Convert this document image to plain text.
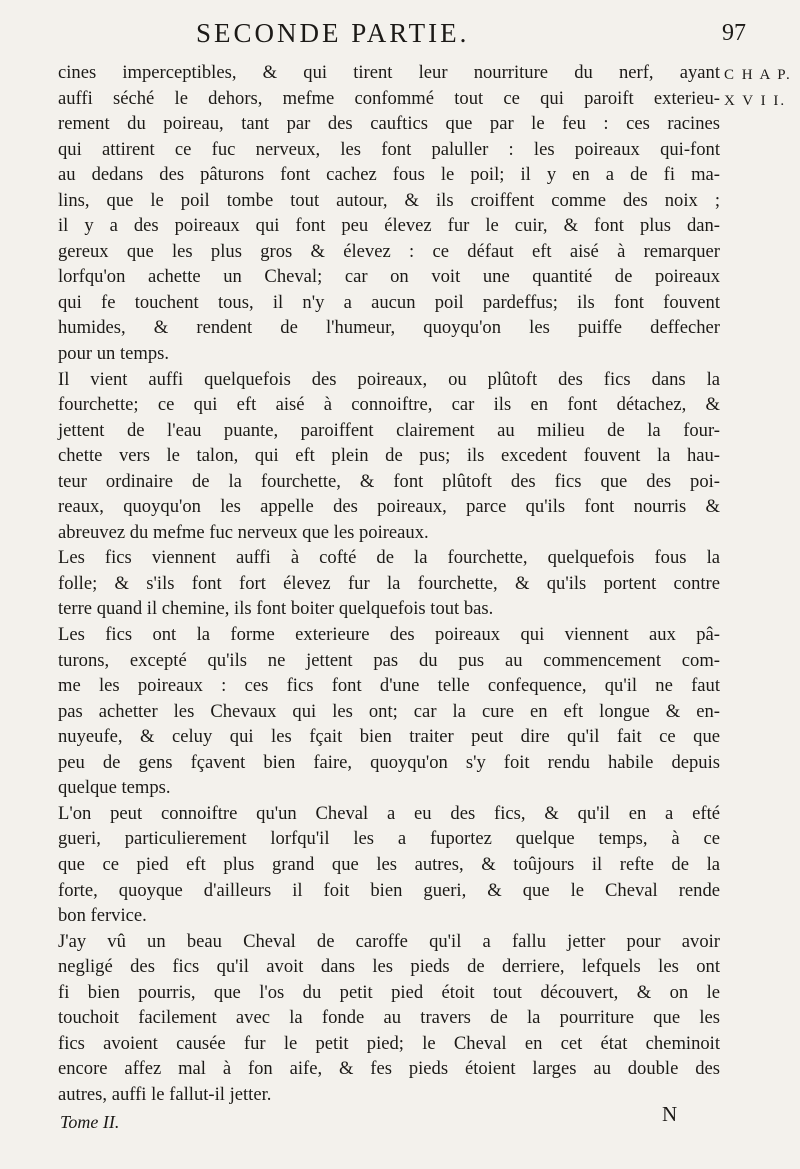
SECONDE PARTIE.	97
C H A P.
X V I I.
cines imperceptibles, & qui tirent leur nourriture du nerf, ayant
auffi séché le dehors, mefme confommé tout ce qui paroift exterieu-
rement du poireau, tant par des cauftics que par le feu : ces racines
qui attirent ce fuc nerveux, les font paluller : les poireaux qui-font
au dedans des pâturons font cachez fous le poil; il y en a de fi ma-
lins, que le poil tombe tout autour, & ils croiffent comme des noix ;
il y a des poireaux qui font peu élevez fur le cuir, & font plus dan-
gereux que les plus gros & élevez : ce défaut eft aisé à remarquer
lorfqu'on achette un Cheval; car on voit une quantité de poireaux
qui fe touchent tous, il n'y a aucun poil pardeffus; ils font fouvent
humides, & rendent de l'humeur, quoyqu'on les puiffe deffecher
pour un temps.
Il vient auffi quelquefois des poireaux, ou plûtoft des fics dans la
fourchette; ce qui eft aisé à connoiftre, car ils en font détachez, &
jettent de l'eau puante, paroiffent clairement au milieu de la four-
chette vers le talon, qui eft plein de pus; ils excedent fouvent la hau-
teur ordinaire de la fourchette, & font plûtoft des fics que des poi-
reaux, quoyqu'on les appelle des poireaux, parce qu'ils font nourris &
abreuvez du mefme fuc nerveux que les poireaux.
Les fics viennent auffi à cofté de la fourchette, quelquefois fous la
folle; & s'ils font fort élevez fur la fourchette, & qu'ils portent contre
terre quand il chemine, ils font boiter quelquefois tout bas.
Les fics ont la forme exterieure des poireaux qui viennent aux pâ-
turons, excepté qu'ils ne jettent pas du pus au commencement com-
me les poireaux : ces fics font d'une telle confequence, qu'il ne faut
pas achetter les Chevaux qui les ont; car la cure en eft longue & en-
nuyeufe, & celuy qui les fçait bien traiter peut dire qu'il fait ce que
peu de gens fçavent bien faire, quoyqu'on s'y foit rendu habile depuis
quelque temps.
L'on peut connoiftre qu'un Cheval a eu des fics, & qu'il en a efté
gueri, particulierement lorfqu'il les a fuportez quelque temps, à ce
que ce pied eft plus grand que les autres, & toûjours il refte de la
forte, quoyque d'ailleurs il foit bien gueri, & que le Cheval rende
bon fervice.
J'ay vû un beau Cheval de caroffe qu'il a fallu jetter pour avoir
negligé des fics qu'il avoit dans les pieds de derriere, lefquels les ont
fi bien pourris, que l'os du petit pied étoit tout découvert, & on le
touchoit facilement avec la fonde au travers de la pourriture que les
fics avoient causée fur le petit pied; le Cheval en cet état cheminoit
encore affez mal à fon aife, & fes pieds étoient larges au double des
autres, auffi le fallut-il jetter.
Tome II.	N
